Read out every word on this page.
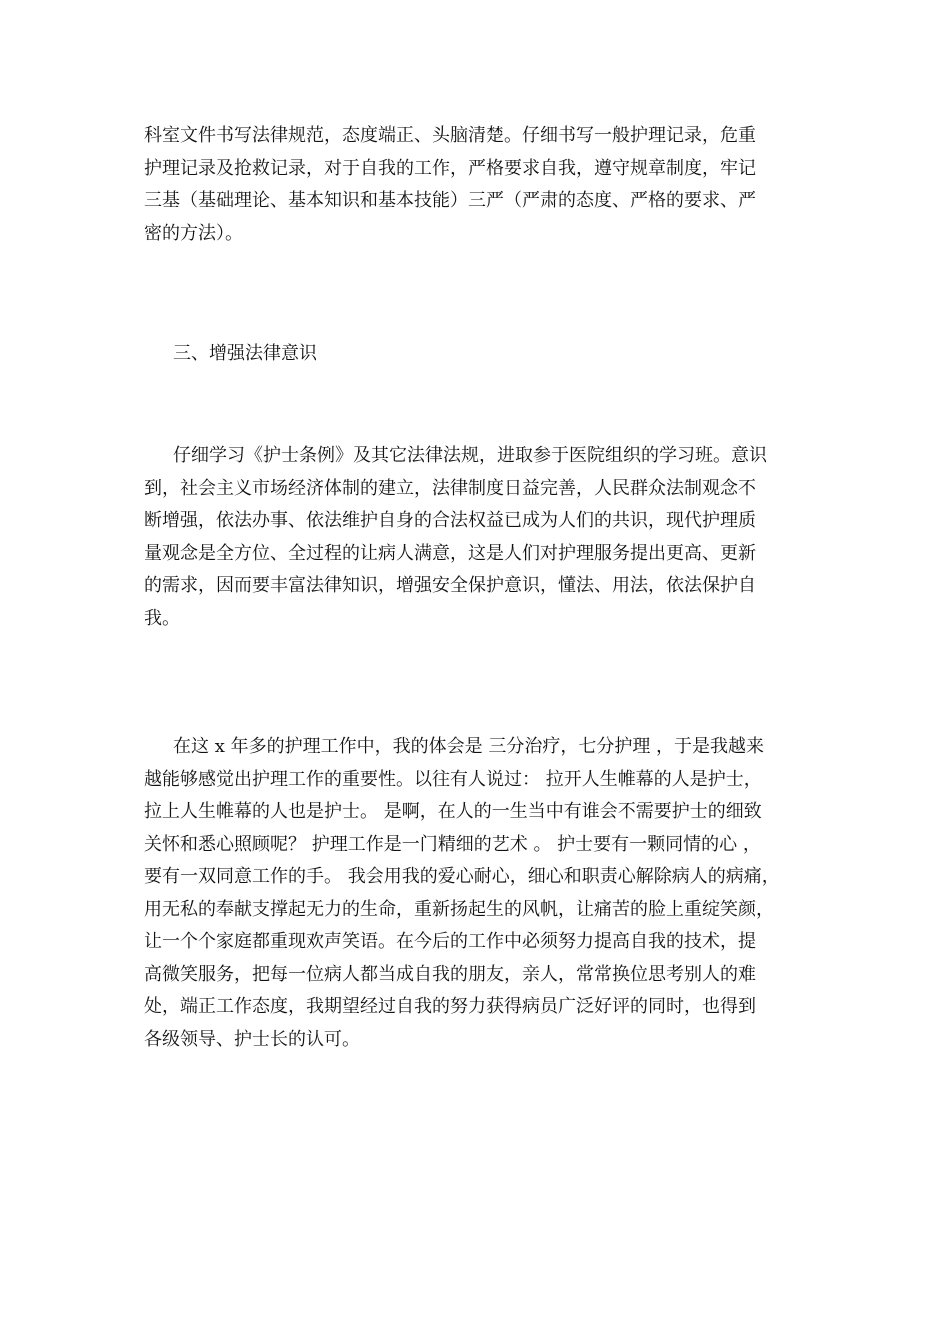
科室文件书写法律规范，态度端正、头脑清楚。仔细书写一般护理记录，危重
护理记录及抢救记录，对于自我的工作，严格要求自我，遵守规章制度，牢记
三基（基础理论、基本知识和基本技能）三严（严肃的态度、严格的要求、严
密的方法）。
三、增强法律意识
仔细学习《护士条例》及其它法律法规，进取参于医院组织的学习班。意识
到，社会主义市场经济体制的建立，法律制度日益完善，人民群众法制观念不
断增强，依法办事、依法维护自身的合法权益已成为人们的共识，现代护理质
量观念是全方位、全过程的让病人满意，这是人们对护理服务提出更高、更新
的需求，因而要丰富法律知识，增强安全保护意识，懂法、用法，依法保护自
我。
在这 x 年多的护理工作中，我的体会是 三分治疗，七分护理 ，于是我越来
越能够感觉出护理工作的重要性。以往有人说过： 拉开人生帷幕的人是护士，
拉上人生帷幕的人也是护士。 是啊，在人的一生当中有谁会不需要护士的细致
关怀和悉心照顾呢？ 护理工作是一门精细的艺术 。 护士要有一颗同情的心 ，
要有一双同意工作的手。 我会用我的爱心耐心，细心和职责心解除病人的病痛，
用无私的奉献支撑起无力的生命，重新扬起生的风帆，让痛苦的脸上重绽笑颜，
让一个个家庭都重现欢声笑语。在今后的工作中必须努力提高自我的技术，提
高微笑服务，把每一位病人都当成自我的朋友，亲人，常常换位思考别人的难
处，端正工作态度，我期望经过自我的努力获得病员广泛好评的同时，也得到
各级领导、护士长的认可。
